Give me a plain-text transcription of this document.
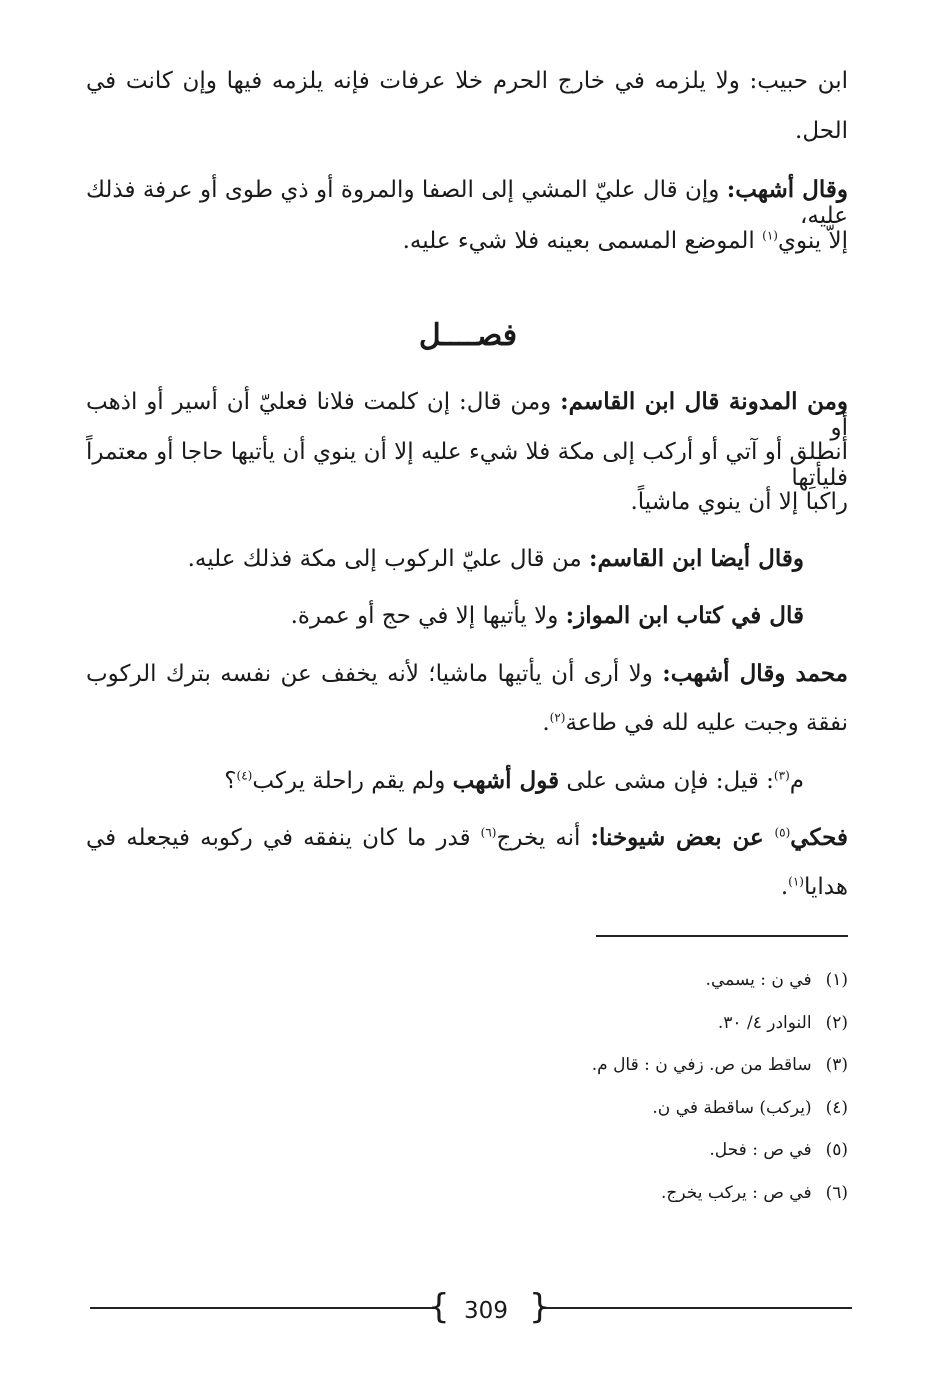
ابن حبيب: ولا يلزمه في خارج الحرم خلا عرفات فإنه يلزمه فيها وإن كانت في
الحل.
وقال أشهب: وإن قال عليّ المشي إلى الصفا والمروة أو ذي طوى أو عرفة فذلك عليه،
إلاّ ينوي$^{(١)}$ الموضع المسمى بعينه فلا شيء عليه.
فصــــل
ومن المدونة قال ابن القاسم: ومن قال: إن كلمت فلانا فعليّ أن أسير أو اذهب أو
أنطلق أو آتي أو أركب إلى مكة فلا شيء عليه إلا أن ينوي أن يأتيها حاجا أو معتمراً فليأتِها
راكبا إلا أن ينوي ماشياً.
وقال أيضا ابن القاسم: من قال عليّ الركوب إلى مكة فذلك عليه.
قال في كتاب ابن المواز: ولا يأتيها إلا في حج أو عمرة.
محمد وقال أشهب: ولا أرى أن يأتيها ماشيا؛ لأنه يخفف عن نفسه بترك الركوب
نفقة وجبت عليه لله في طاعة$^{(٢)}$.
م$^{(٣)}$: قيل: فإن مشى على قول أشهب ولم يقم راحلة يركب$^{(٤)}$؟
فحكي$^{(٥)}$ عن بعض شيوخنا: أنه يخرج$^{(٦)}$ قدر ما كان ينفقه في ركوبه فيجعله في
هدايا$^{(١)}$.
(١)في ن : يسمي.
(٢)النوادر ٤/ ٣٠.
(٣)ساقط من ص. زفي ن : قال م.
(٤)(يركب) ساقطة في ن.
(٥)في ص : فحل.
(٦)في ص : يركب يخرج.
{ }
309
